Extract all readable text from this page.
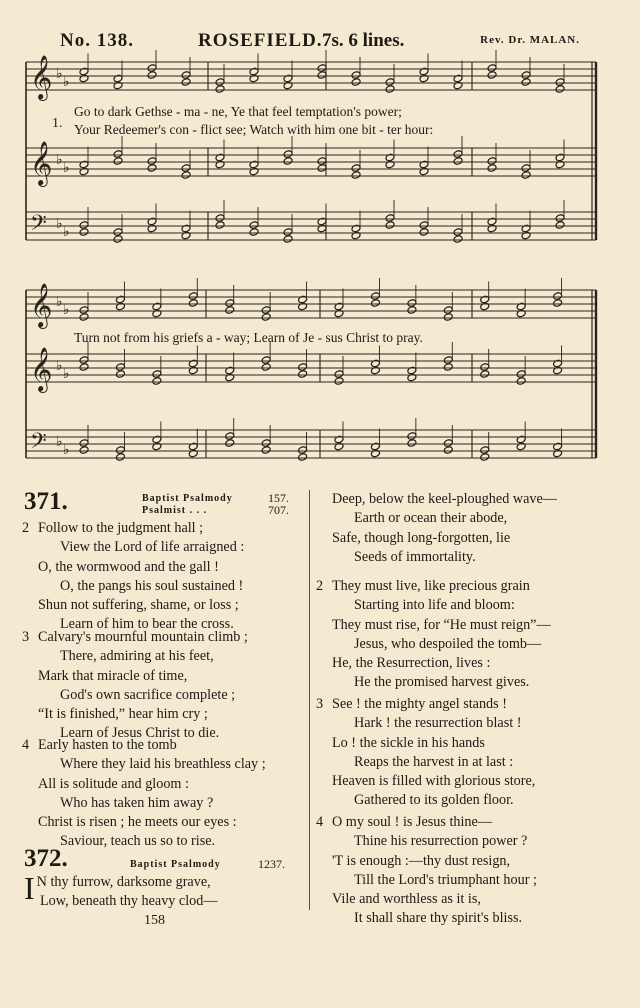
No. 138.	ROSEFIELD. 7s. 6 lines.	Rev. Dr. MALAN.
𝄞 ♭ ♭
𝄞 ♭ ♭
𝄢 ♭ ♭
𝄞 ♭ ♭
𝄞 ♭ ♭
𝄢 ♭ ♭
1.
Go to dark Gethse - ma - ne, Ye that feel temptation's power;
Your Redeemer's con - flict see; Watch with him one bit - ter hour:
Turn not from his griefs a - way; Learn of Je - sus Christ to pray.
371.	Baptist Psalmody	157.
Psalmist . . .	707.
2 Follow to the judgment hall ;
View the Lord of life arraigned :
O, the wormwood and the gall !
O, the pangs his soul sustained !
Shun not suffering, shame, or loss ;
Learn of him to bear the cross.
3 Calvary's mournful mountain climb ;
There, admiring at his feet,
Mark that miracle of time,
God's own sacrifice complete ;
“It is finished,” hear him cry ;
Learn of Jesus Christ to die.
4 Early hasten to the tomb
Where they laid his breathless clay ;
All is solitude and gloom :
Who has taken him away ?
Christ is risen ; he meets our eyes :
Saviour, teach us so to rise.
372.	Baptist Psalmody	1237.
I N thy furrow, darksome grave,
Low, beneath thy heavy clod—
Deep, below the keel-ploughed wave—
Earth or ocean their abode,
Safe, though long-forgotten, lie
Seeds of immortality.
2 They must live, like precious grain
Starting into life and bloom:
They must rise, for “He must reign”—
Jesus, who despoiled the tomb—
He, the Resurrection, lives :
He the promised harvest gives.
3 See ! the mighty angel stands !
Hark ! the resurrection blast !
Lo ! the sickle in his hands
Reaps the harvest in at last :
Heaven is filled with glorious store,
Gathered to its golden floor.
4 O my soul ! is Jesus thine—
Thine his resurrection power ?
'T is enough :—thy dust resign,
Till the Lord's triumphant hour ;
Vile and worthless as it is,
It shall share thy spirit's bliss.
158
